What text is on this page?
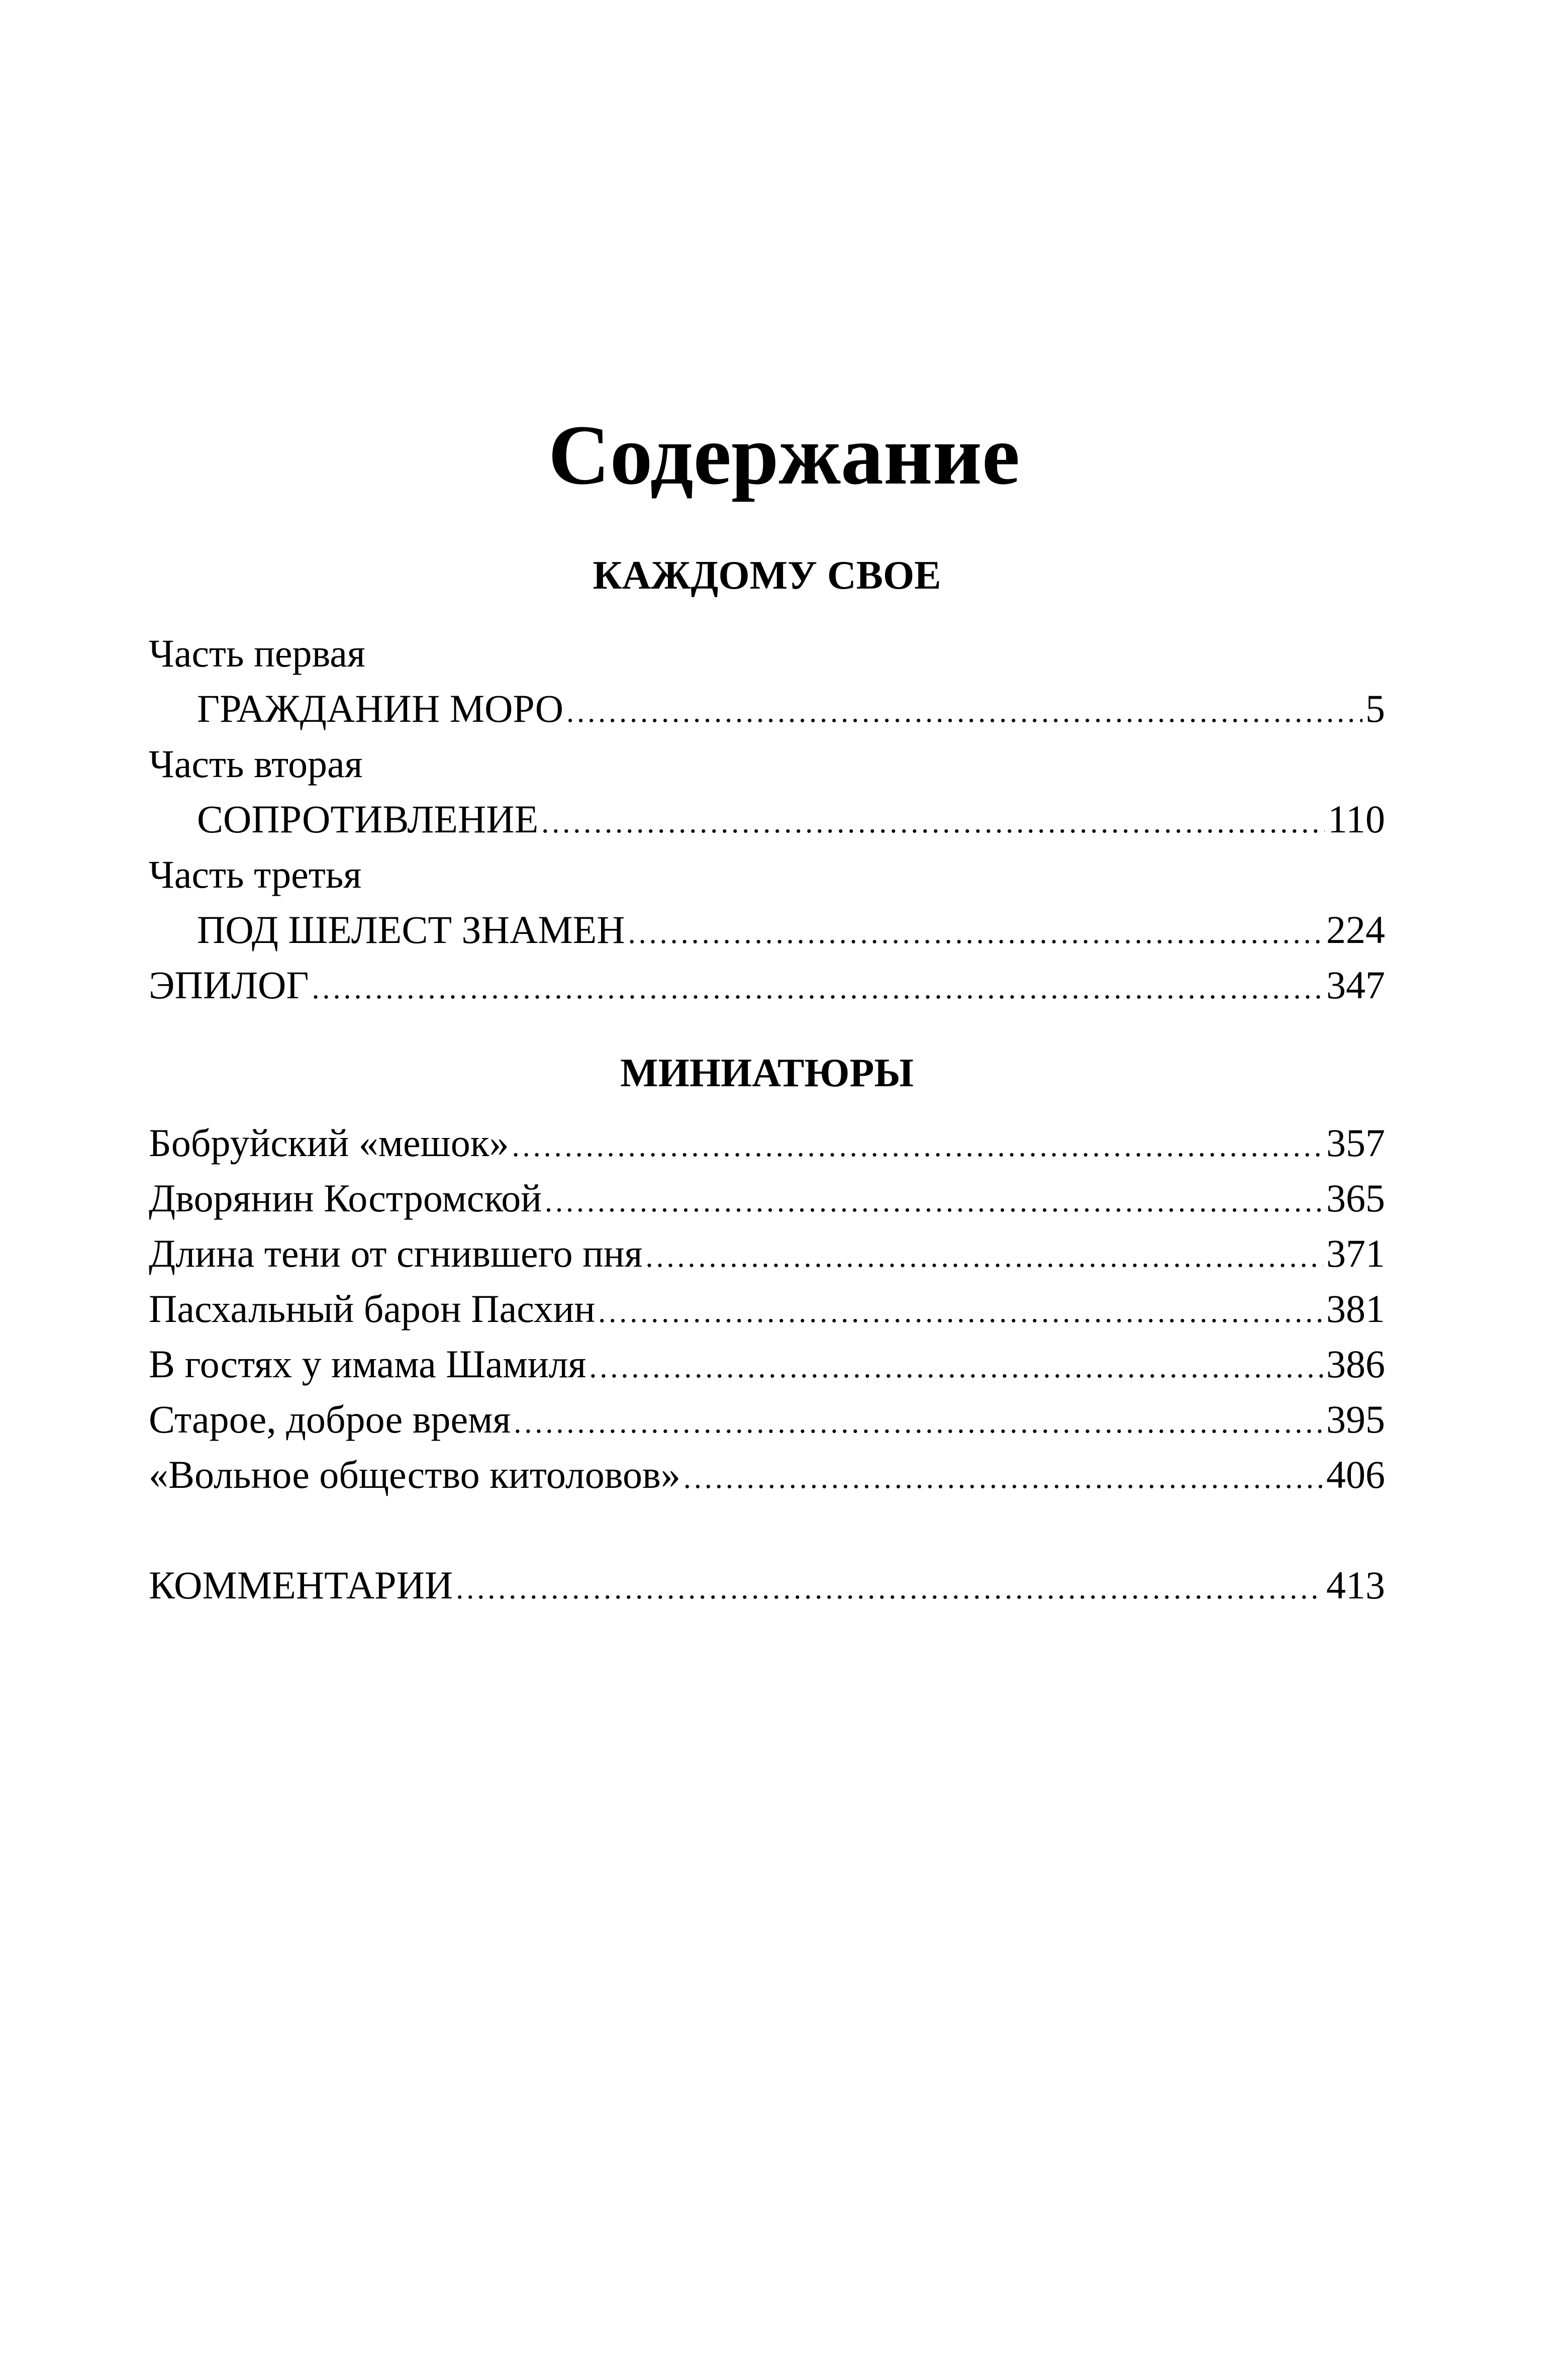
Содержание
КАЖДОМУ СВОЕ
Часть первая
ГРАЖДАНИН МОРО .....	5
Часть вторая
СОПРОТИВЛЕНИЕ .....	110
Часть третья
ПОД ШЕЛЕСТ ЗНАМЕН .....	224
ЭПИЛОГ .....	347
МИНИАТЮРЫ
Бобруйский «мешок» .....	357
Дворянин Костромской .....	365
Длина тени от сгнившего пня .....	371
Пасхальный барон Пасхин .....	381
В гостях у имама Шамиля .....	386
Старое, доброе время .....	395
«Вольное общество китоловов» .....	406
КОММЕНТАРИИ .....	413
